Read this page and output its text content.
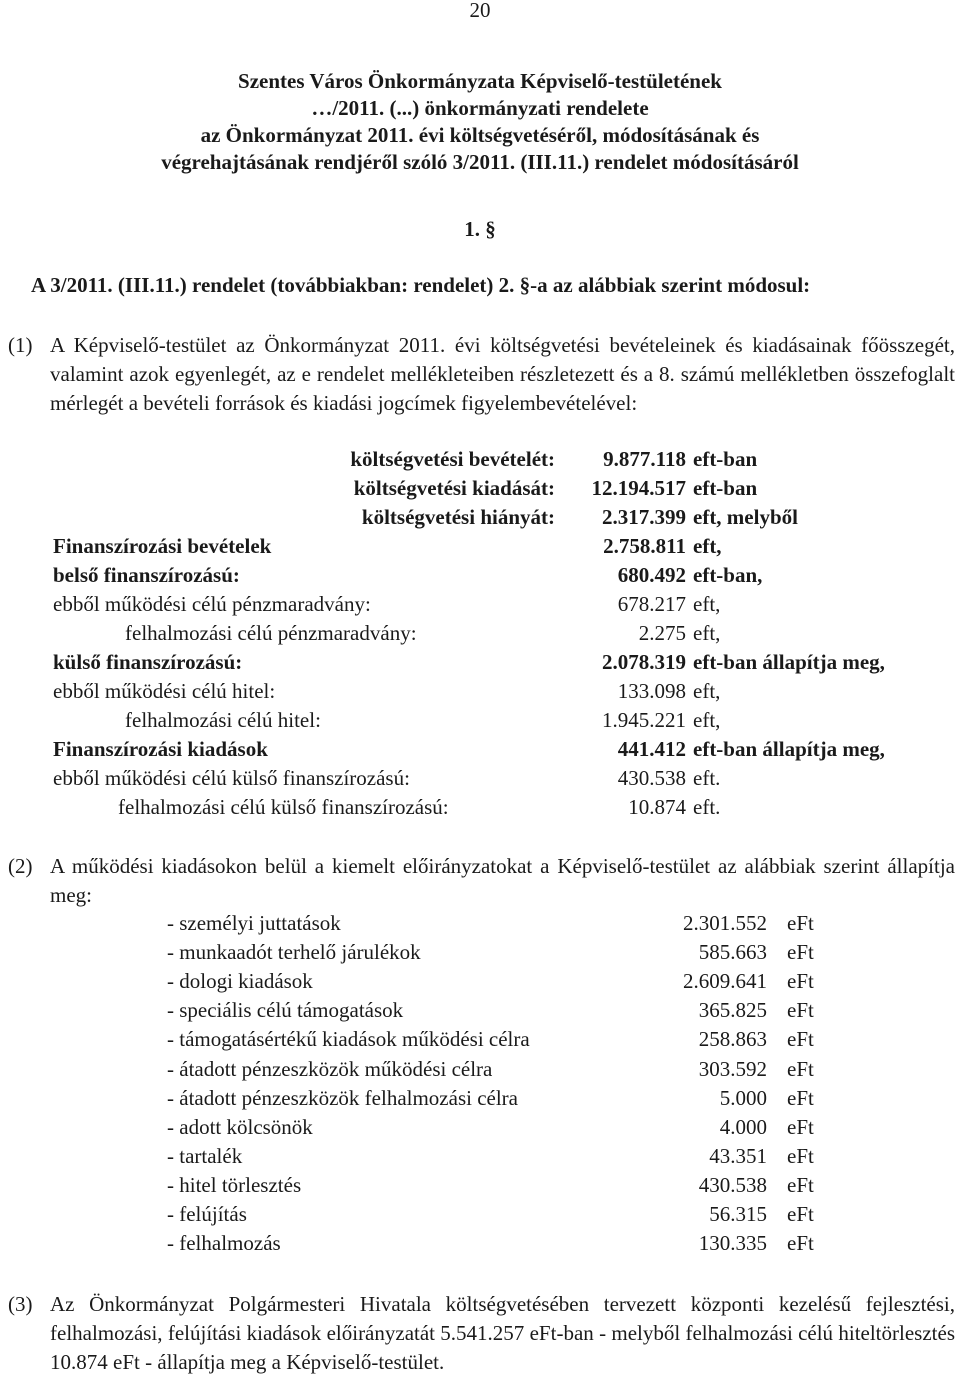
20
Szentes Város Önkormányzata Képviselő-testületének
…/2011. (...) önkormányzati rendelete
az Önkormányzat 2011. évi költségvetéséről, módosításának és
végrehajtásának rendjéről szóló 3/2011. (III.11.) rendelet módosításáról
1. §
A 3/2011. (III.11.) rendelet (továbbiakban: rendelet) 2. §-a az alábbiak szerint módosul:
(1) A Képviselő-testület az Önkormányzat 2011. évi költségvetési bevételeinek és kiadásainak főösszegét, valamint azok egyenlegét, az e rendelet mellékleteiben részletezett és a 8. számú mellékletben összefoglalt mérlegét a bevételi források és kiadási jogcímek figyelembevételével:
költségvetési bevételét: 9.877.118 eft-ban
költségvetési kiadását: 12.194.517 eft-ban
költségvetési hiányát: 2.317.399 eft, melyből
Finanszírozási bevételek	2.758.811 eft,
belső finanszírozású:	680.492 eft-ban,
ebből működési célú pénzmaradvány:	678.217 eft,
felhalmozási célú pénzmaradvány:	2.275 eft,
külső finanszírozású:	2.078.319 eft-ban állapítja meg,
ebből működési célú hitel:	133.098 eft,
felhalmozási célú hitel:	1.945.221 eft,
Finanszírozási kiadások	441.412 eft-ban állapítja meg,
ebből működési célú külső finanszírozású:	430.538 eft.
felhalmozási célú külső finanszírozású:	10.874 eft.
(2) A működési kiadásokon belül a kiemelt előirányzatokat a Képviselő-testület az alábbiak szerint állapítja meg:
- személyi juttatások	2.301.552 eFt
- munkaadót terhelő járulékok	585.663 eFt
- dologi kiadások	2.609.641 eFt
- speciális célú támogatások	365.825 eFt
- támogatásértékű kiadások működési célra	258.863 eFt
- átadott pénzeszközök működési célra	303.592 eFt
- átadott pénzeszközök felhalmozási célra	5.000 eFt
- adott kölcsönök	4.000 eFt
- tartalék	43.351 eFt
- hitel törlesztés	430.538 eFt
- felújítás	56.315 eFt
- felhalmozás	130.335 eFt
(3) Az Önkormányzat Polgármesteri Hivatala költségvetésében tervezett központi kezelésű fejlesztési, felhalmozási, felújítási kiadások előirányzatát 5.541.257 eFt-ban - melyből felhalmozási célú hiteltörlesztés 10.874 eFt - állapítja meg a Képviselő-testület.
